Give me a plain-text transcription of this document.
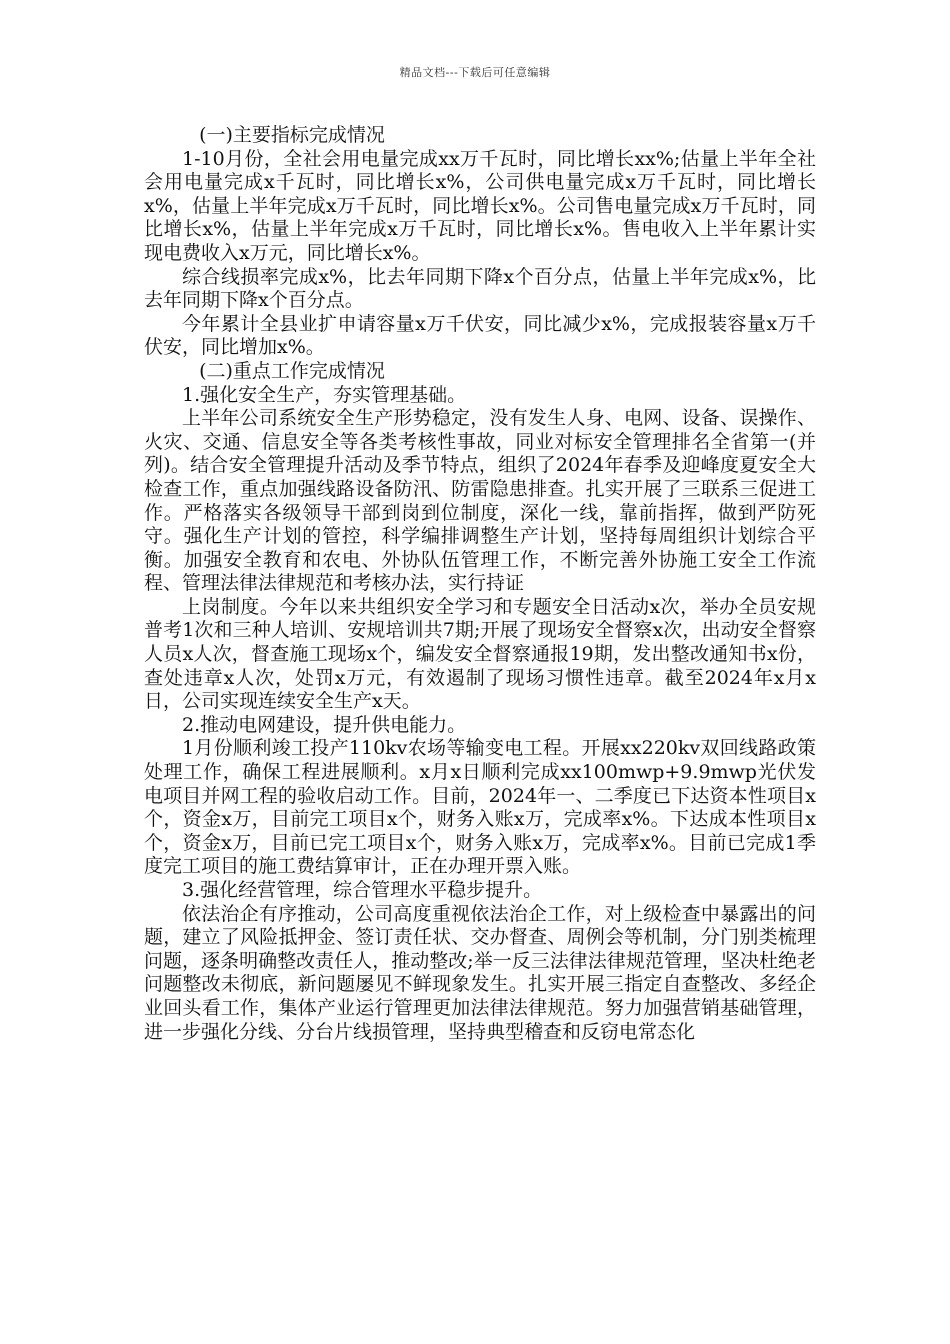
精品文档---下载后可任意编辑

(一)主要指标完成情况

1-10月份，全社会用电量完成xx万千瓦时，同比增长xx%;估量上半年全社会用电量完成x千瓦时，同比增长x%，公司供电量完成x万千瓦时，同比增长x%，估量上半年完成x万千瓦时，同比增长x%。公司售电量完成x万千瓦时，同比增长x%，估量上半年完成x万千瓦时，同比增长x%。售电收入上半年累计实现电费收入x万元，同比增长x%。

综合线损率完成x%，比去年同期下降x个百分点，估量上半年完成x%，比去年同期下降x个百分点。

今年累计全县业扩申请容量x万千伏安，同比减少x%，完成报装容量x万千伏安，同比增加x%。

(二)重点工作完成情况

1.强化安全生产，夯实管理基础。

上半年公司系统安全生产形势稳定，没有发生人身、电网、设备、误操作、火灾、交通、信息安全等各类考核性事故，同业对标安全管理排名全省第一(并列)。结合安全管理提升活动及季节特点，组织了2024年春季及迎峰度夏安全大检查工作，重点加强线路设备防汛、防雷隐患排查。扎实开展了三联系三促进工作。严格落实各级领导干部到岗到位制度，深化一线，靠前指挥，做到严防死守。强化生产计划的管控，科学编排调整生产计划，坚持每周组织计划综合平衡。加强安全教育和农电、外协队伍管理工作，不断完善外协施工安全工作流程、管理法律法律规范和考核办法，实行持证

上岗制度。今年以来共组织安全学习和专题安全日活动x次，举办全员安规普考1次和三种人培训、安规培训共7期;开展了现场安全督察x次，出动安全督察人员x人次，督查施工现场x个，编发安全督察通报19期，发出整改通知书x份，查处违章x人次，处罚x万元，有效遏制了现场习惯性违章。截至2024年x月x日，公司实现连续安全生产x天。

2.推动电网建设，提升供电能力。

1月份顺利竣工投产110kv农场等输变电工程。开展xx220kv双回线路政策处理工作，确保工程进展顺利。x月x日顺利完成xx100mwp+9.9mwp光伏发电项目并网工程的验收启动工作。目前，2024年一、二季度已下达资本性项目x个，资金x万，目前完工项目x个，财务入账x万，完成率x%。下达成本性项目x个，资金x万，目前已完工项目x个，财务入账x万，完成率x%。目前已完成1季度完工项目的施工费结算审计，正在办理开票入账。

3.强化经营管理，综合管理水平稳步提升。

依法治企有序推动，公司高度重视依法治企工作，对上级检查中暴露出的问题，建立了风险抵押金、签订责任状、交办督查、周例会等机制，分门别类梳理问题，逐条明确整改责任人，推动整改;举一反三法律法律规范管理，坚决杜绝老问题整改未彻底，新问题屡见不鲜现象发生。扎实开展三指定自查整改、多经企业回头看工作，集体产业运行管理更加法律法律规范。努力加强营销基础管理，进一步强化分线、分台片线损管理，坚持典型稽查和反窃电常态化
